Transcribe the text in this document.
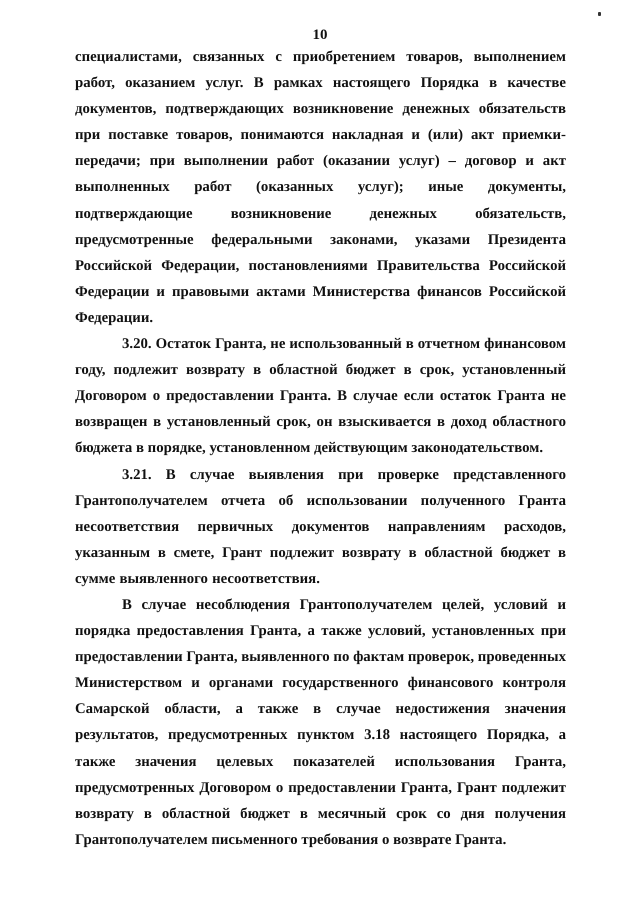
10

специалистами, связанных с приобретением товаров, выполнением работ, оказанием услуг. В рамках настоящего Порядка в качестве документов, подтверждающих возникновение денежных обязательств при поставке товаров, понимаются накладная и (или) акт приемки-передачи; при выполнении работ (оказании услуг) – договор и акт выполненных работ (оказанных услуг); иные документы, подтверждающие возникновение денежных обязательств, предусмотренные федеральными законами, указами Президента Российской Федерации, постановлениями Правительства Российской Федерации и правовыми актами Министерства финансов Российской Федерации.

3.20. Остаток Гранта, не использованный в отчетном финансовом году, подлежит возврату в областной бюджет в срок, установленный Договором о предоставлении Гранта. В случае если остаток Гранта не возвращен в установленный срок, он взыскивается в доход областного бюджета в порядке, установленном действующим законодательством.

3.21. В случае выявления при проверке представленного Грантополучателем отчета об использовании полученного Гранта несоответствия первичных документов направлениям расходов, указанным в смете, Грант подлежит возврату в областной бюджет в сумме выявленного несоответствия.

В случае несоблюдения Грантополучателем целей, условий и порядка предоставления Гранта, а также условий, установленных при предоставлении Гранта, выявленного по фактам проверок, проведенных Министерством и органами государственного финансового контроля Самарской области, а также в случае недостижения значения результатов, предусмотренных пунктом 3.18 настоящего Порядка, а также значения целевых показателей использования Гранта, предусмотренных Договором о предоставлении Гранта, Грант подлежит возврату в областной бюджет в месячный срок со дня получения Грантополучателем письменного требования о возврате Гранта.
